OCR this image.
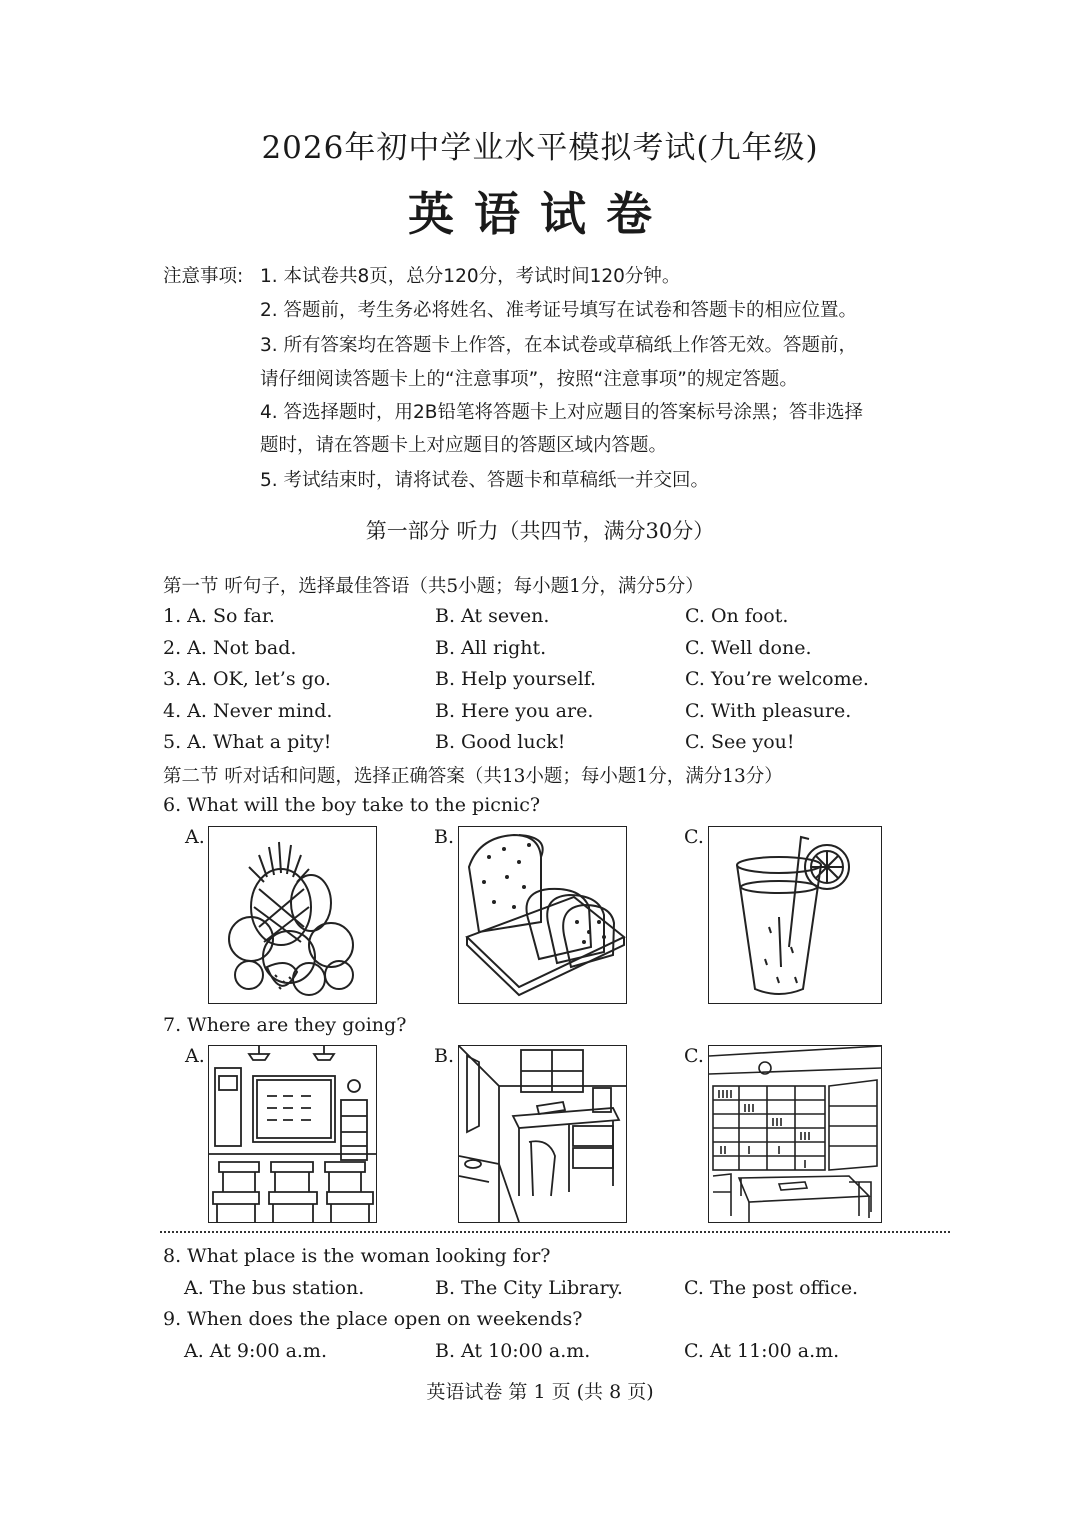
2026年初中学业水平模拟考试(九年级)
英语试卷
注意事项: 1. 本试卷共8页，总分120分，考试时间120分钟。
2. 答题前，考生务必将姓名、准考证号填写在试卷和答题卡的相应位置。
3. 所有答案均在答题卡上作答，在本试卷或草稿纸上作答无效。答题前，
请仔细阅读答题卡上的“注意事项”，按照“注意事项”的规定答题。
4. 答选择题时，用2B铅笔将答题卡上对应题目的答案标号涂黑；答非选择
题时，请在答题卡上对应题目的答题区域内答题。
5. 考试结束时，请将试卷、答题卡和草稿纸一并交回。
第一部分 听力（共四节，满分30分）
第一节 听句子，选择最佳答语（共5小题；每小题1分，满分5分）
1. A. So far.	B. At seven.	C. On foot.
2. A. Not bad.	B. All right.	C. Well done.
3. A. OK, let’s go.	B. Help yourself.	C. You’re welcome.
4. A. Never mind.	B. Here you are.	C. With pleasure.
5. A. What a pity!	B. Good luck!	C. See you!
第二节 听对话和问题，选择正确答案（共13小题；每小题1分，满分13分）
6. What will the boy take to the picnic?
A.	B.	C.
7. Where are they going?
A.	B.	C.
8. What place is the woman looking for?
A. The bus station.	B. The City Library.	C. The post office.
9. When does the place open on weekends?
A. At 9:00 a.m.	B. At 10:00 a.m.	C. At 11:00 a.m.
英语试卷 第 1 页 (共 8 页)
